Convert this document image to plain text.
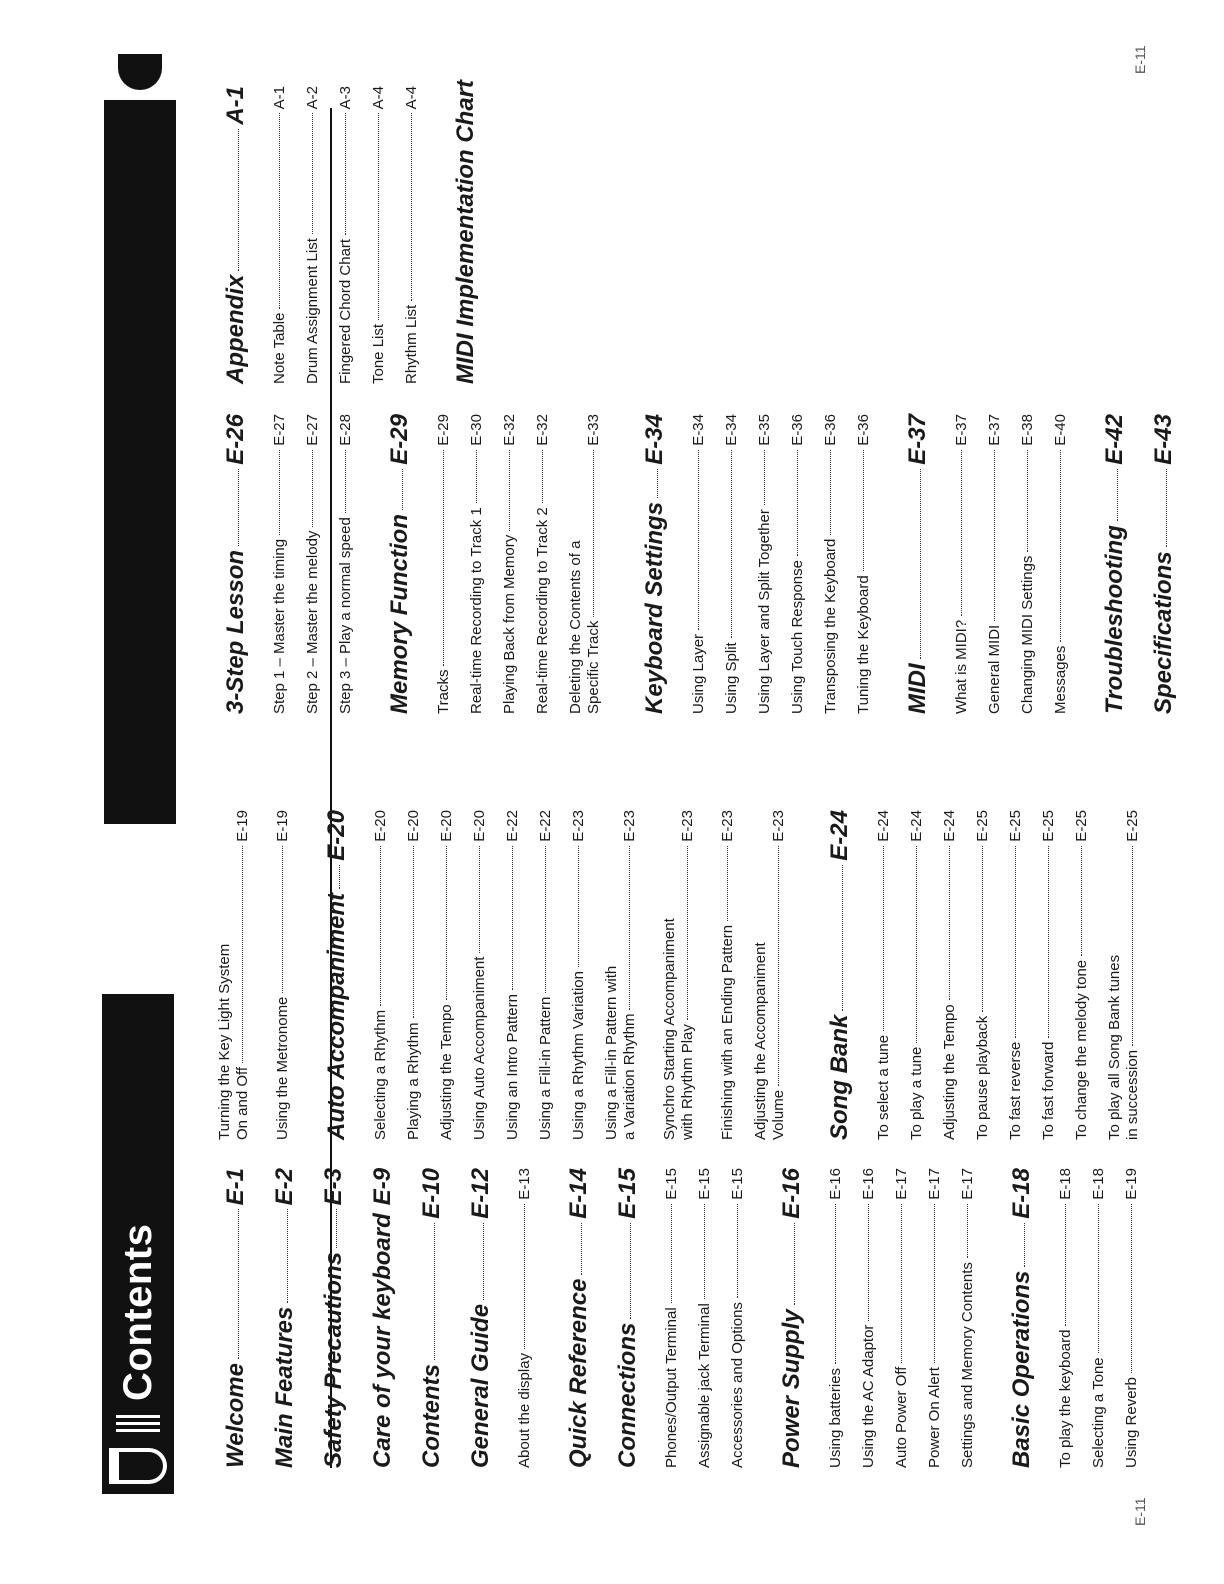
Contents
Welcome
E-1
Main Features
E-2
Safety Precautions
E-3
Care of your keyboard
E-9
Contents
E-10
General Guide
E-12
About the display
E-13
Quick Reference
E-14
Connections
E-15
Phones/Output Terminal
E-15
Assignable jack Terminal
E-15
Accessories and Options
E-15
Power Supply
E-16
Using batteries
E-16
Using the AC Adaptor
E-16
Auto Power Off
E-17
Power On Alert
E-17
Settings and Memory Contents
E-17
Basic Operations
E-18
To play the keyboard
E-18
Selecting a Tone
E-18
Using Reverb
E-19
Turning the Key Light System On and Off
E-19
Using the Metronome
E-19
Auto Accompaniment
E-20
Selecting a Rhythm
E-20
Playing a Rhythm
E-20
Adjusting the Tempo
E-20
Using Auto Accompaniment
E-20
Using an Intro Pattern
E-22
Using a Fill-in Pattern
E-22
Using a Rhythm Variation
E-23
Using a Fill-in Pattern with a Variation Rhythm
E-23
Synchro Starting Accompaniment with Rhythm Play
E-23
Finishing with an Ending Pattern
E-23
Adjusting the Accompaniment Volume
E-23
Song Bank
E-24
To select a tune
E-24
To play a tune
E-24
Adjusting the Tempo
E-24
To pause playback
E-25
To fast reverse
E-25
To fast forward
E-25
To change the melody tone
E-25
To play all Song Bank tunes in succession
E-25
3-Step Lesson
E-26
Step 1 – Master the timing
E-27
Step 2 – Master the melody
E-27
Step 3 – Play a normal speed
E-28
Memory Function
E-29
Tracks
E-29
Real-time Recording to Track 1
E-30
Playing Back from Memory
E-32
Real-time Recording to Track 2
E-32
Deleting the Contents of a Specific Track
E-33
Keyboard Settings
E-34
Using Layer
E-34
Using Split
E-34
Using Layer and Split Together
E-35
Using Touch Response
E-36
Transposing the Keyboard
E-36
Tuning the Keyboard
E-36
MIDI
E-37
What is MIDI?
E-37
General MIDI
E-37
Changing MIDI Settings
E-38
Messages
E-40
Troubleshooting
E-42
Specifications
E-43
Appendix
A-1
Note Table
A-1
Drum Assignment List
A-2
Fingered Chord Chart
A-3
Tone List
A-4
Rhythm List
A-4 MIDI Implementation Chart
E-11
E-11
